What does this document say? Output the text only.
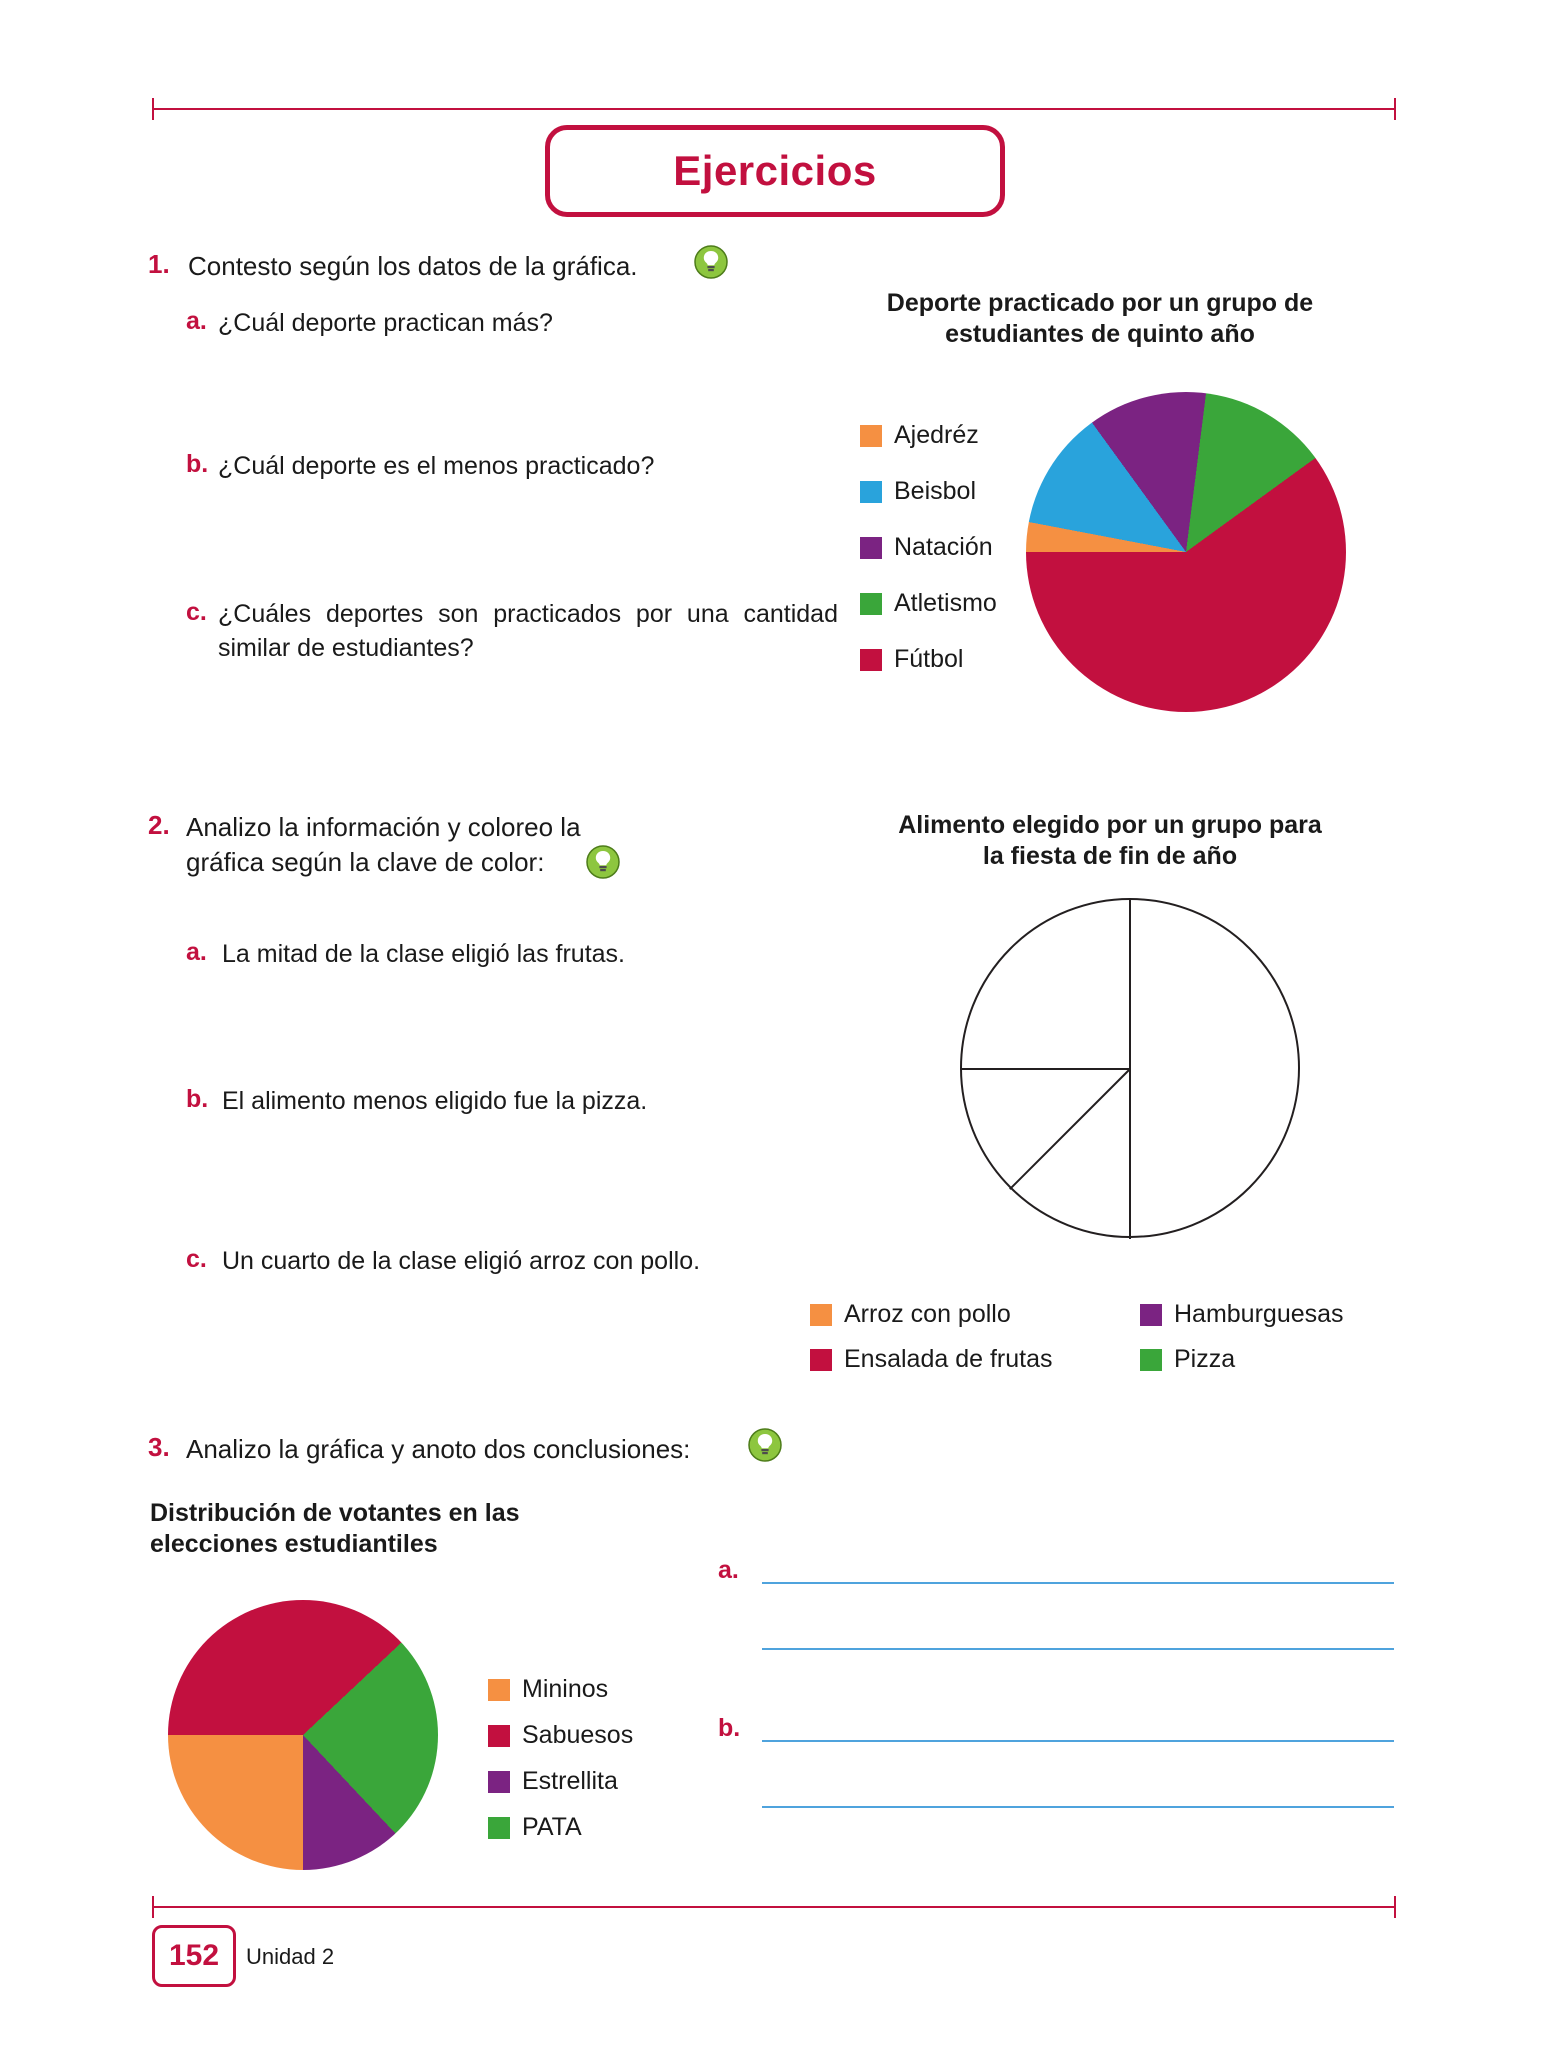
Ejercicios
1. Contesto según los datos de la gráfica.
a. ¿Cuál deporte practican más?
b. ¿Cuál deporte es el menos practicado?
c. ¿Cuáles deportes son practicados por una cantidad similar de estudiantes?
Deporte practicado por un grupo de estudiantes de quinto año
Ajedréz
Beisbol
Natación
Atletismo
Fútbol
2. Analizo la información y coloreo la gráfica según la clave de color:
a. La mitad de la clase eligió las frutas.
b. El alimento menos eligido fue la pizza.
c. Un cuarto de la clase eligió arroz con pollo.
Alimento elegido por un grupo para la fiesta de fin de año
Arroz con pollo
Ensalada de frutas
Hamburguesas
Pizza
3. Analizo la gráfica y anoto dos conclusiones:
Distribución de votantes en las elecciones estudiantiles
Mininos
Sabuesos
Estrellita
PATA
a.
b.
152 Unidad 2
